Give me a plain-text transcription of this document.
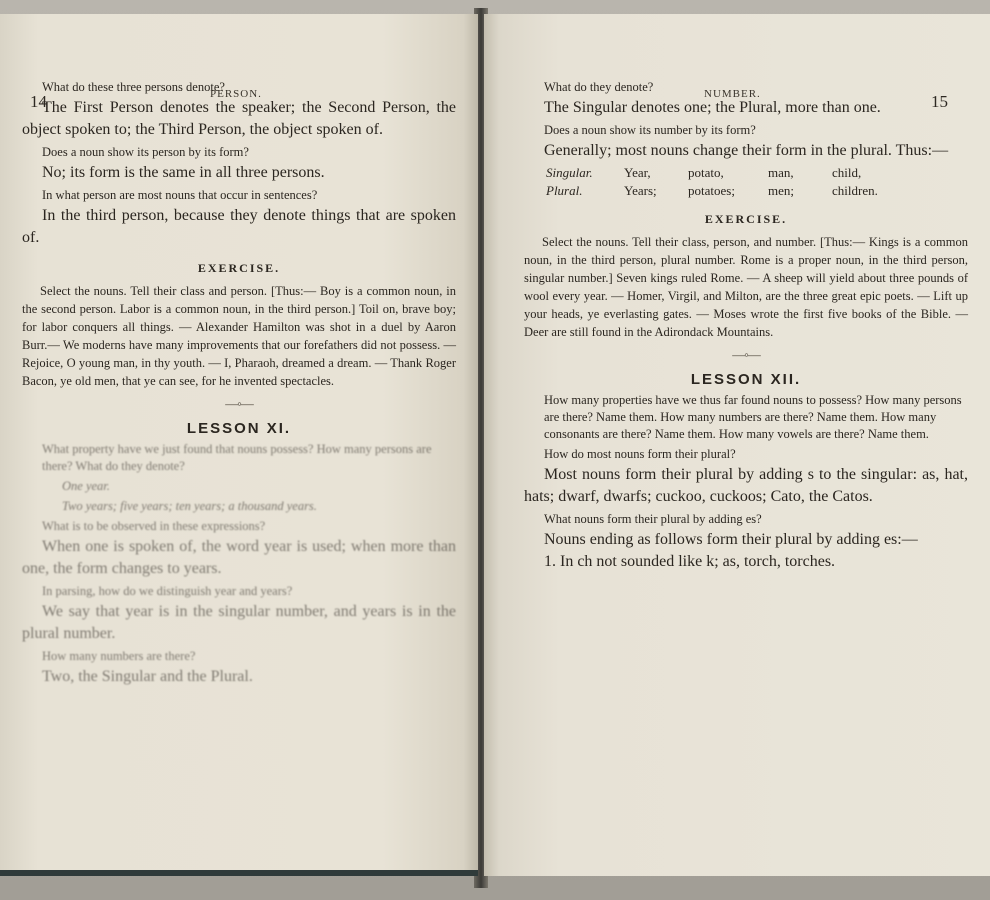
14	PERSON.

What do these three persons denote?

The First Person denotes the speaker; the Second Person, the object spoken to; the Third Person, the object spoken of.

Does a noun show its person by its form?

No; its form is the same in all three persons.

In what person are most nouns that occur in sentences?

In the third person, because they denote things that are spoken of.

EXERCISE.

Select the nouns. Tell their class and person. [Thus:— Boy is a common noun, in the second person. Labor is a common noun, in the third person.] Toil on, brave boy; for labor conquers all things. — Alexander Hamilton was shot in a duel by Aaron Burr.— We moderns have many improvements that our forefathers did not possess. — Rejoice, O young man, in thy youth. — I, Pharaoh, dreamed a dream. — Thank Roger Bacon, ye old men, that ye can see, for he invented spectacles.

—◦—
LESSON XI.

What property have we just found that nouns possess? How many persons are there? What do they denote?

One year.

Two years; five years; ten years; a thousand years.

What is to be observed in these expressions?

When one is spoken of, the word year is used; when more than one, the form changes to years.

In parsing, how do we distinguish year and years?

We say that year is in the singular number, and years is in the plural number.

How many numbers are there?

Two, the Singular and the Plural.

NUMBER.	15

What do they denote?

The Singular denotes one; the Plural, more than one.

Does a noun show its number by its form?

Generally; most nouns change their form in the plural. Thus:—

Singular.	Year,	potato,	man,	child,
Plural.	Years;	potatoes;	men;	children.
EXERCISE.

Select the nouns. Tell their class, person, and number. [Thus:— Kings is a common noun, in the third person, plural number. Rome is a proper noun, in the third person, singular number.] Seven kings ruled Rome. — A sheep will yield about three pounds of wool every year. — Homer, Virgil, and Milton, are the three great epic poets. — Lift up your heads, ye everlasting gates. — Moses wrote the first five books of the Bible. — Deer are still found in the Adirondack Mountains.

—◦—
LESSON XII.

How many properties have we thus far found nouns to possess? How many persons are there? Name them. How many numbers are there? Name them. How many consonants are there? Name them. How many vowels are there? Name them.

How do most nouns form their plural?

Most nouns form their plural by adding s to the singular: as, hat, hats; dwarf, dwarfs; cuckoo, cuckoos; Cato, the Catos.

What nouns form their plural by adding es?

Nouns ending as follows form their plural by adding es:—

1. In ch not sounded like k; as, torch, torches.
